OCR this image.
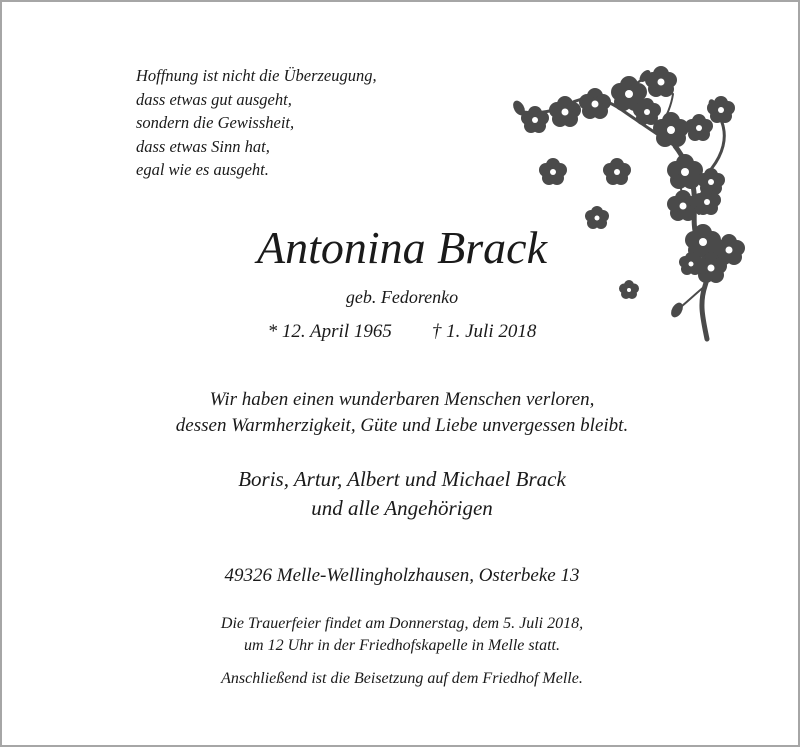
Hoffnung ist nicht die Überzeugung,
dass etwas gut ausgeht,
sondern die Gewissheit,
dass etwas Sinn hat,
egal wie es ausgeht.
Antonina Brack
geb. Fedorenko
* 12. April 1965 † 1. Juli 2018
Wir haben einen wunderbaren Menschen verloren,
dessen Warmherzigkeit, Güte und Liebe unvergessen bleibt.
Boris, Artur, Albert und Michael Brack
und alle Angehörigen
49326 Melle-Wellingholzhausen, Osterbeke 13
Die Trauerfeier findet am Donnerstag, dem 5. Juli 2018,
um 12 Uhr in der Friedhofskapelle in Melle statt.
Anschließend ist die Beisetzung auf dem Friedhof Melle.
